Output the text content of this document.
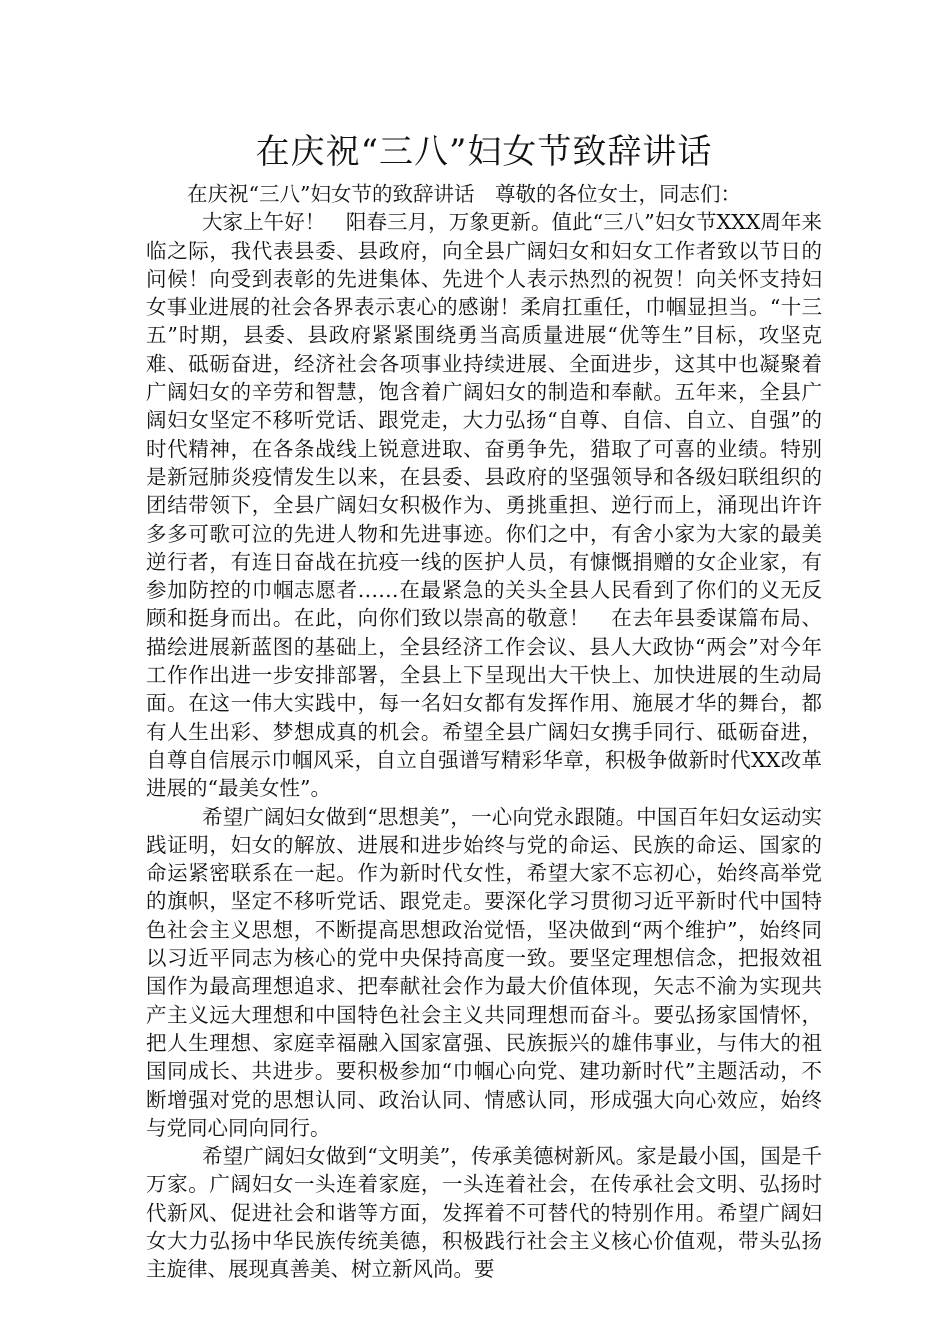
在庆祝“三八”妇女节致辞讲话

在庆祝“三八”妇女节的致辞讲话　尊敬的各位女士，同志们：

大家上午好！　阳春三月，万象更新。值此“三八”妇女节XXX周年来临之际，我代表县委、县政府，向全县广阔妇女和妇女工作者致以节日的问候！向受到表彰的先进集体、先进个人表示热烈的祝贺！向关怀支持妇女事业进展的社会各界表示衷心的感谢！柔肩扛重任，巾帼显担当。“十三五”时期，县委、县政府紧紧围绕勇当高质量进展“优等生”目标，攻坚克难、砥砺奋进，经济社会各项事业持续进展、全面进步，这其中也凝聚着广阔妇女的辛劳和智慧，饱含着广阔妇女的制造和奉献。五年来，全县广阔妇女坚定不移听党话、跟党走，大力弘扬“自尊、自信、自立、自强”的时代精神，在各条战线上锐意进取、奋勇争先，猎取了可喜的业绩。特别是新冠肺炎疫情发生以来，在县委、县政府的坚强领导和各级妇联组织的团结带领下，全县广阔妇女积极作为、勇挑重担、逆行而上，涌现出许许多多可歌可泣的先进人物和先进事迹。你们之中，有舍小家为大家的最美逆行者，有连日奋战在抗疫一线的医护人员，有慷慨捐赠的女企业家，有参加防控的巾帼志愿者……在最紧急的关头全县人民看到了你们的义无反顾和挺身而出。在此，向你们致以崇高的敬意！　在去年县委谋篇布局、描绘进展新蓝图的基础上，全县经济工作会议、县人大政协“两会”对今年工作作出进一步安排部署，全县上下呈现出大干快上、加快进展的生动局面。在这一伟大实践中，每一名妇女都有发挥作用、施展才华的舞台，都有人生出彩、梦想成真的机会。希望全县广阔妇女携手同行、砥砺奋进，自尊自信展示巾帼风采，自立自强谱写精彩华章，积极争做新时代XX改革进展的“最美女性”。

希望广阔妇女做到“思想美”，一心向党永跟随。中国百年妇女运动实践证明，妇女的解放、进展和进步始终与党的命运、民族的命运、国家的命运紧密联系在一起。作为新时代女性，希望大家不忘初心，始终高举党的旗帜，坚定不移听党话、跟党走。要深化学习贯彻习近平新时代中国特色社会主义思想，不断提高思想政治觉悟，坚决做到“两个维护”，始终同以习近平同志为核心的党中央保持高度一致。要坚定理想信念，把报效祖国作为最高理想追求、把奉献社会作为最大价值体现，矢志不渝为实现共产主义远大理想和中国特色社会主义共同理想而奋斗。要弘扬家国情怀，把人生理想、家庭幸福融入国家富强、民族振兴的雄伟事业，与伟大的祖国同成长、共进步。要积极参加“巾帼心向党、建功新时代”主题活动，不断增强对党的思想认同、政治认同、情感认同，形成强大向心效应，始终与党同心同向同行。

希望广阔妇女做到“文明美”，传承美德树新风。家是最小国，国是千万家。广阔妇女一头连着家庭，一头连着社会，在传承社会文明、弘扬时代新风、促进社会和谐等方面，发挥着不可替代的特别作用。希望广阔妇女大力弘扬中华民族传统美德，积极践行社会主义核心价值观，带头弘扬主旋律、展现真善美、树立新风尚。要
